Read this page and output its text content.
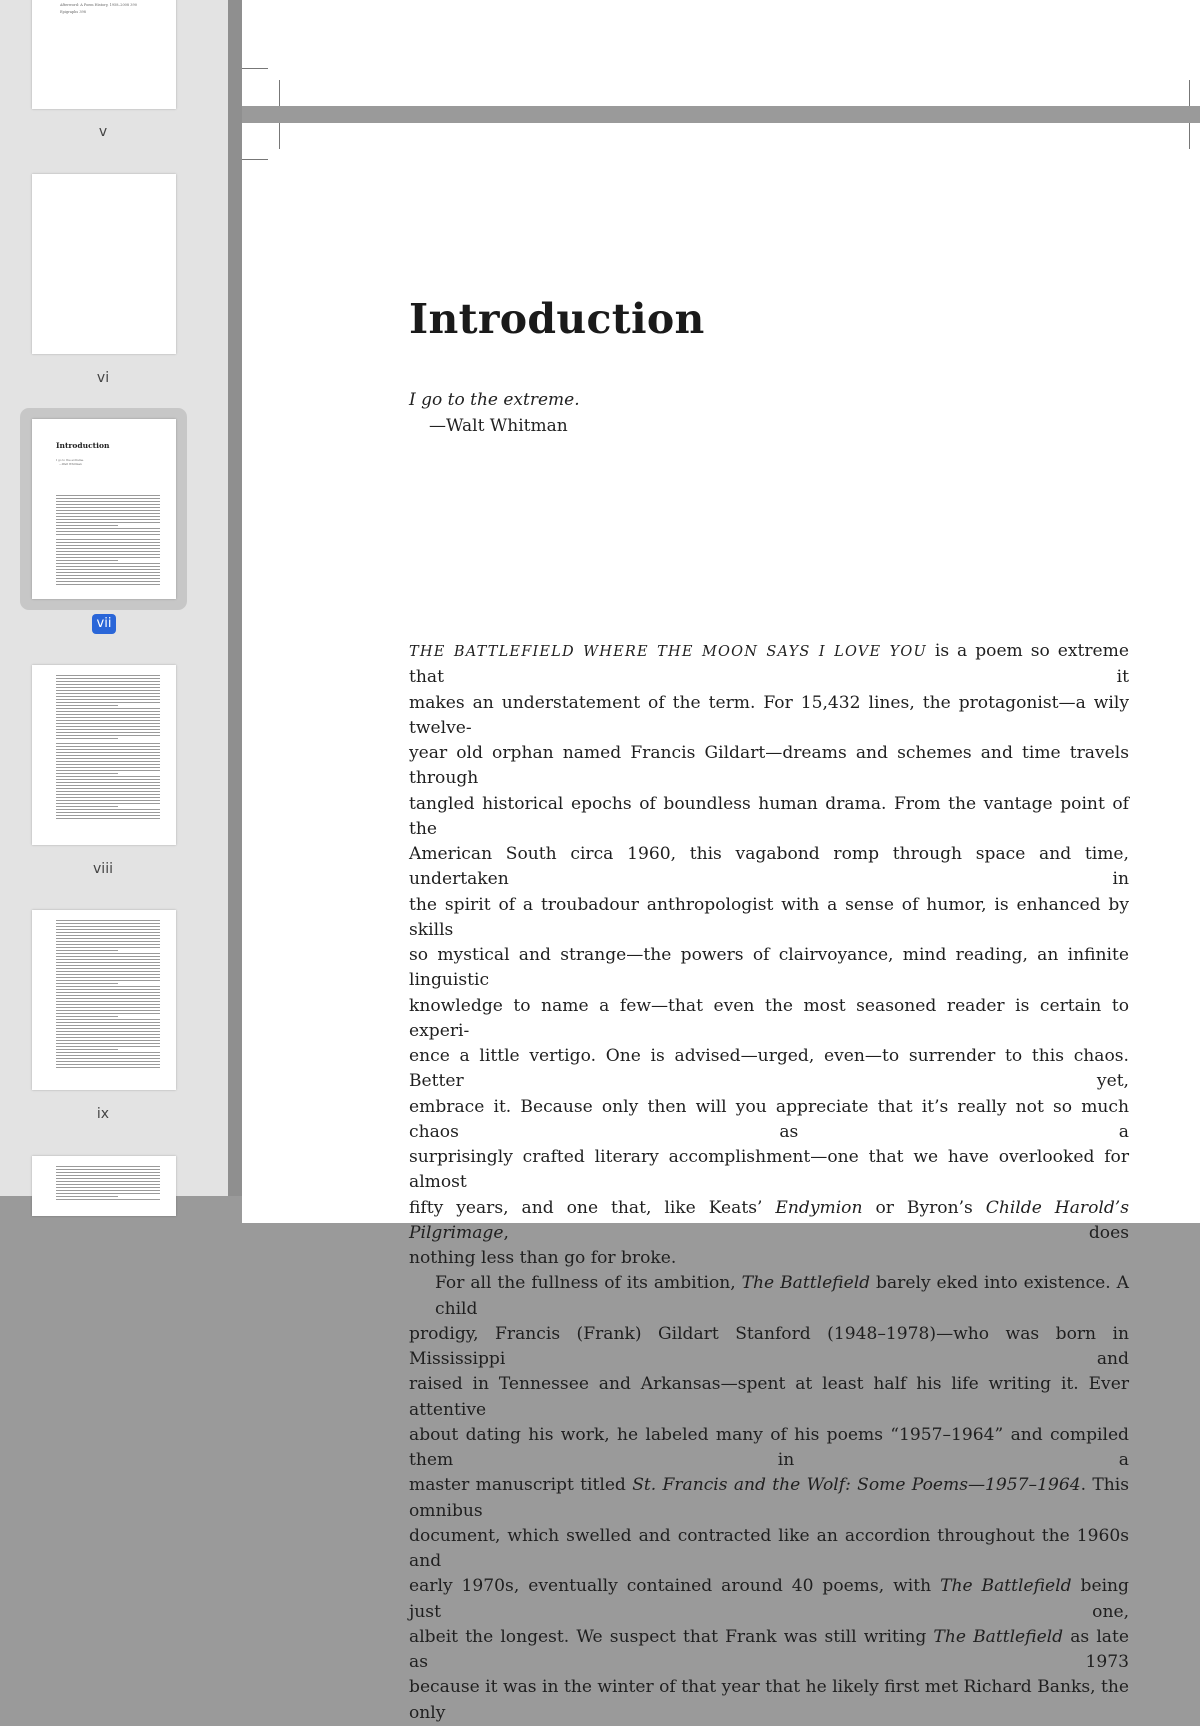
Afterword: A Poem History, 1958–2008 390
Epigraphs 398
v
vi
Introduction
I go to the extreme.
—Walt Whitman
vii
viii
ix
Introduction
I go to the extreme.
—Walt Whitman

THE BATTLEFIELD WHERE THE MOON SAYS I LOVE YOU is a poem so extreme that it
makes an understatement of the term. For 15,432 lines, the protagonist—a wily twelve-
year old orphan named Francis Gildart—dreams and schemes and time travels through
tangled historical epochs of boundless human drama. From the vantage point of the
American South circa 1960, this vagabond romp through space and time, undertaken in
the spirit of a troubadour anthropologist with a sense of humor, is enhanced by skills
so mystical and strange—the powers of clairvoyance, mind reading, an infinite linguistic
knowledge to name a few—that even the most seasoned reader is certain to experi-
ence a little vertigo. One is advised—urged, even—to surrender to this chaos. Better yet,
embrace it. Because only then will you appreciate that it’s really not so much chaos as a
surprisingly crafted literary accomplishment—one that we have overlooked for almost
fifty years, and one that, like Keats’ Endymion or Byron’s Childe Harold’s Pilgrimage, does
nothing less than go for broke.

For all the fullness of its ambition, The Battlefield barely eked into existence. A child
prodigy, Francis (Frank) Gildart Stanford (1948–1978)—who was born in Mississippi and
raised in Tennessee and Arkansas—spent at least half his life writing it. Ever attentive
about dating his work, he labeled many of his poems “1957–1964” and compiled them in a
master manuscript titled St. Francis and the Wolf: Some Poems—1957–1964. This omnibus
document, which swelled and contracted like an accordion throughout the 1960s and
early 1970s, eventually contained around 40 poems, with The Battlefield being just one,
albeit the longest. We suspect that Frank was still writing The Battlefield as late as 1973
because it was in the winter of that year that he likely first met Richard Banks, the only
